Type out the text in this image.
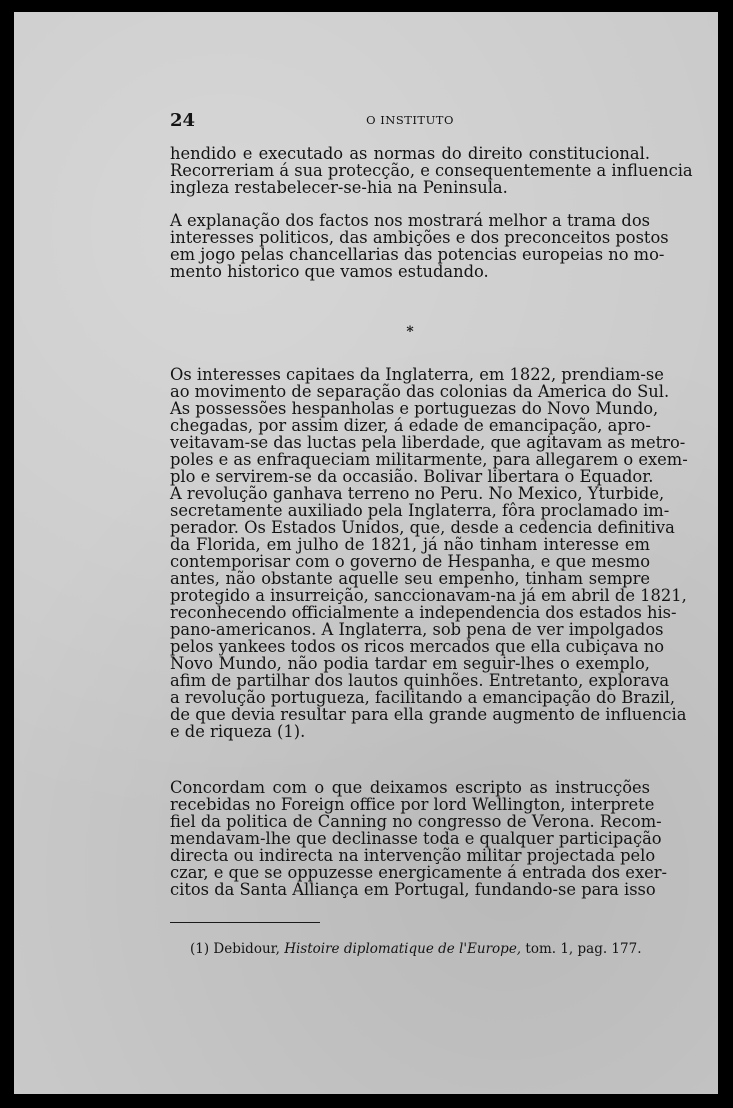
24	O INSTITUTO
hendido e executado as normas do direito constitucional.
Recorreriam á sua protecção, e consequentemente a influencia
ingleza restabelecer-se-hia na Peninsula.
A explanação dos factos nos mostrará melhor a trama dos
interesses politicos, das ambições e dos preconceitos postos
em jogo pelas chancellarias das potencias europeias no mo-
mento historico que vamos estudando.
*
Os interesses capitaes da Inglaterra, em 1822, prendiam-se
ao movimento de separação das colonias da America do Sul.
As possessões hespanholas e portuguezas do Novo Mundo,
chegadas, por assim dizer, á edade de emancipação, apro-
veitavam-se das luctas pela liberdade, que agitavam as metro-
poles e as enfraqueciam militarmente, para allegarem o exem-
plo e servirem-se da occasião. Bolivar libertara o Equador.
A revolução ganhava terreno no Peru. No Mexico, Yturbide,
secretamente auxiliado pela Inglaterra, fôra proclamado im-
perador. Os Estados Unidos, que, desde a cedencia definitiva
da Florida, em julho de 1821, já não tinham interesse em
contemporisar com o governo de Hespanha, e que mesmo
antes, não obstante aquelle seu empenho, tinham sempre
protegido a insurreição, sanccionavam-na já em abril de 1821,
reconhecendo officialmente a independencia dos estados his-
pano-americanos. A Inglaterra, sob pena de ver impolgados
pelos yankees todos os ricos mercados que ella cubiçava no
Novo Mundo, não podia tardar em seguir-lhes o exemplo,
afim de partilhar dos lautos quinhões. Entretanto, explorava
a revolução portugueza, facilitando a emancipação do Brazil,
de que devia resultar para ella grande augmento de influencia
e de riqueza (1).
Concordam com o que deixamos escripto as instrucções
recebidas no Foreign office por lord Wellington, interprete
fiel da politica de Canning no congresso de Verona. Recom-
mendavam-lhe que declinasse toda e qualquer participação
directa ou indirecta na intervenção militar projectada pelo
czar, e que se oppuzesse energicamente á entrada dos exer-
citos da Santa Alliança em Portugal, fundando-se para isso
(1) Debidour, Histoire diplomatique de l'Europe, tom. 1, pag. 177.
